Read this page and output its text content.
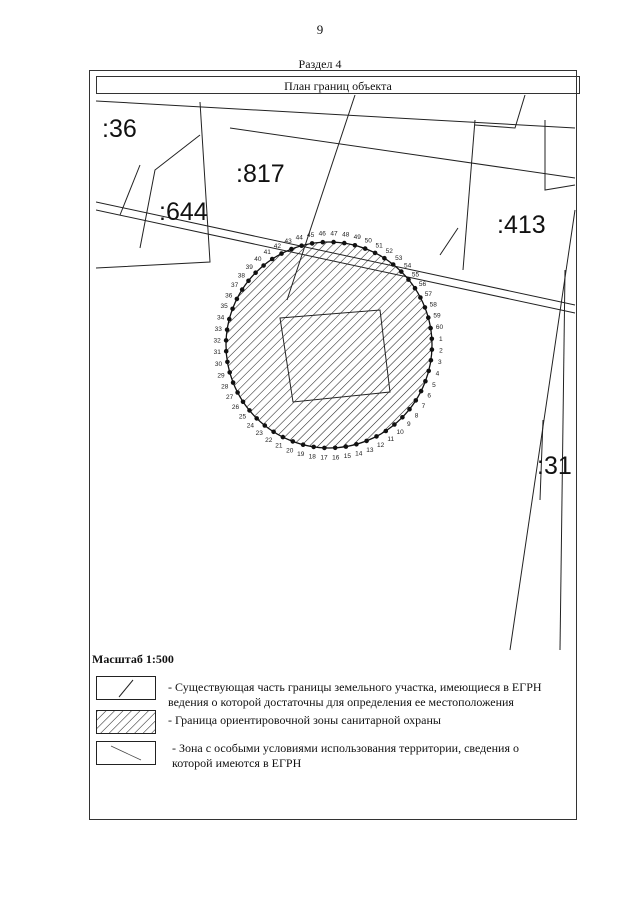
9
Раздел 4
План границ объекта
1
2
3
4
5
6
7
8
9
10
11
12
13
14
15
16
17
18
19
20
21
22
23
24
25
26
27
28
29
30
31
32
33
34
35
36
37
38
39
40
41
42
43
44 45 46 47 48 49 50
51
52
53
54
55
56
57
58
59
60
:36
:817
:644	:413
:31
Масштаб 1:500
- Существующая часть границы земельного участка, имеющиеся в ЕГРН ведения о которой достаточны для определения ее местоположения
- Граница ориентировочной зоны санитарной охраны
- Зона с особыми условиями использования территории, сведения о которой имеются в ЕГРН
